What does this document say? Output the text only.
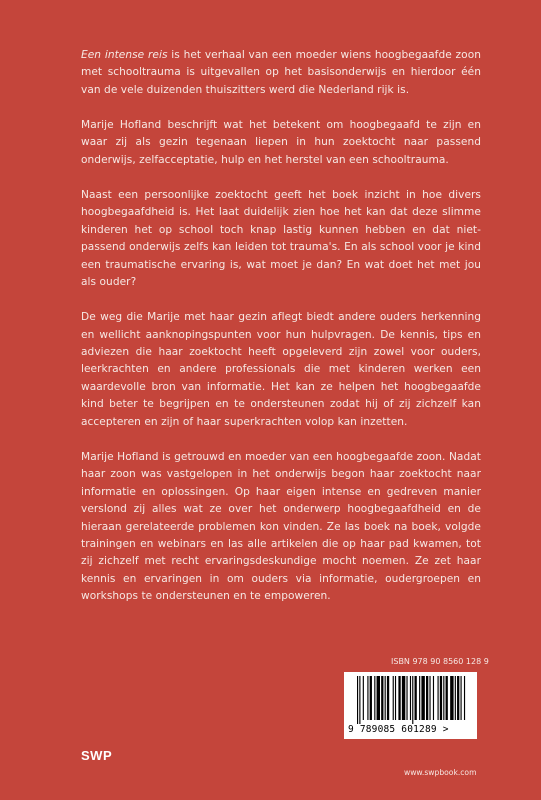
Een intense reis is het verhaal van een moeder wiens hoogbegaafde zoon met schooltrauma is uitgevallen op het basisonderwijs en hierdoor één van de vele duizenden thuiszitters werd die Nederland rijk is.

Marije Hofland beschrijft wat het betekent om hoogbegaafd te zijn en waar zij als gezin tegenaan liepen in hun zoektocht naar passend onderwijs, zelfacceptatie, hulp en het herstel van een schooltrauma.

Naast een persoonlijke zoektocht geeft het boek inzicht in hoe divers hoogbegaafdheid is. Het laat duidelijk zien hoe het kan dat deze slimme kinderen het op school toch knap lastig kunnen hebben en dat niet-passend onderwijs zelfs kan leiden tot trauma's. En als school voor je kind een traumatische ervaring is, wat moet je dan? En wat doet het met jou als ouder?

De weg die Marije met haar gezin aflegt biedt andere ouders herkenning en wellicht aanknopingspunten voor hun hulpvragen. De kennis, tips en adviezen die haar zoektocht heeft opgeleverd zijn zowel voor ouders, leerkrachten en andere professionals die met kinderen werken een waardevolle bron van informatie. Het kan ze helpen het hoogbegaafde kind beter te begrijpen en te ondersteunen zodat hij of zij zichzelf kan accepteren en zijn of haar superkrachten volop kan inzetten.

Marije Hofland is getrouwd en moeder van een hoogbegaafde zoon. Nadat haar zoon was vastgelopen in het onderwijs begon haar zoektocht naar informatie en oplossingen. Op haar eigen intense en gedreven manier verslond zij alles wat ze over het onderwerp hoogbegaafdheid en de hieraan gerelateerde problemen kon vinden. Ze las boek na boek, volgde trainingen en webinars en las alle artikelen die op haar pad kwamen, tot zij zichzelf met recht ervaringsdeskundige mocht noemen. Ze zet haar kennis en ervaringen in om ouders via informatie, oudergroepen en workshops te ondersteunen en te empoweren.

ISBN 978 90 8560 128 9
9 789085 601289 >
SWP
www.swpbook.com
